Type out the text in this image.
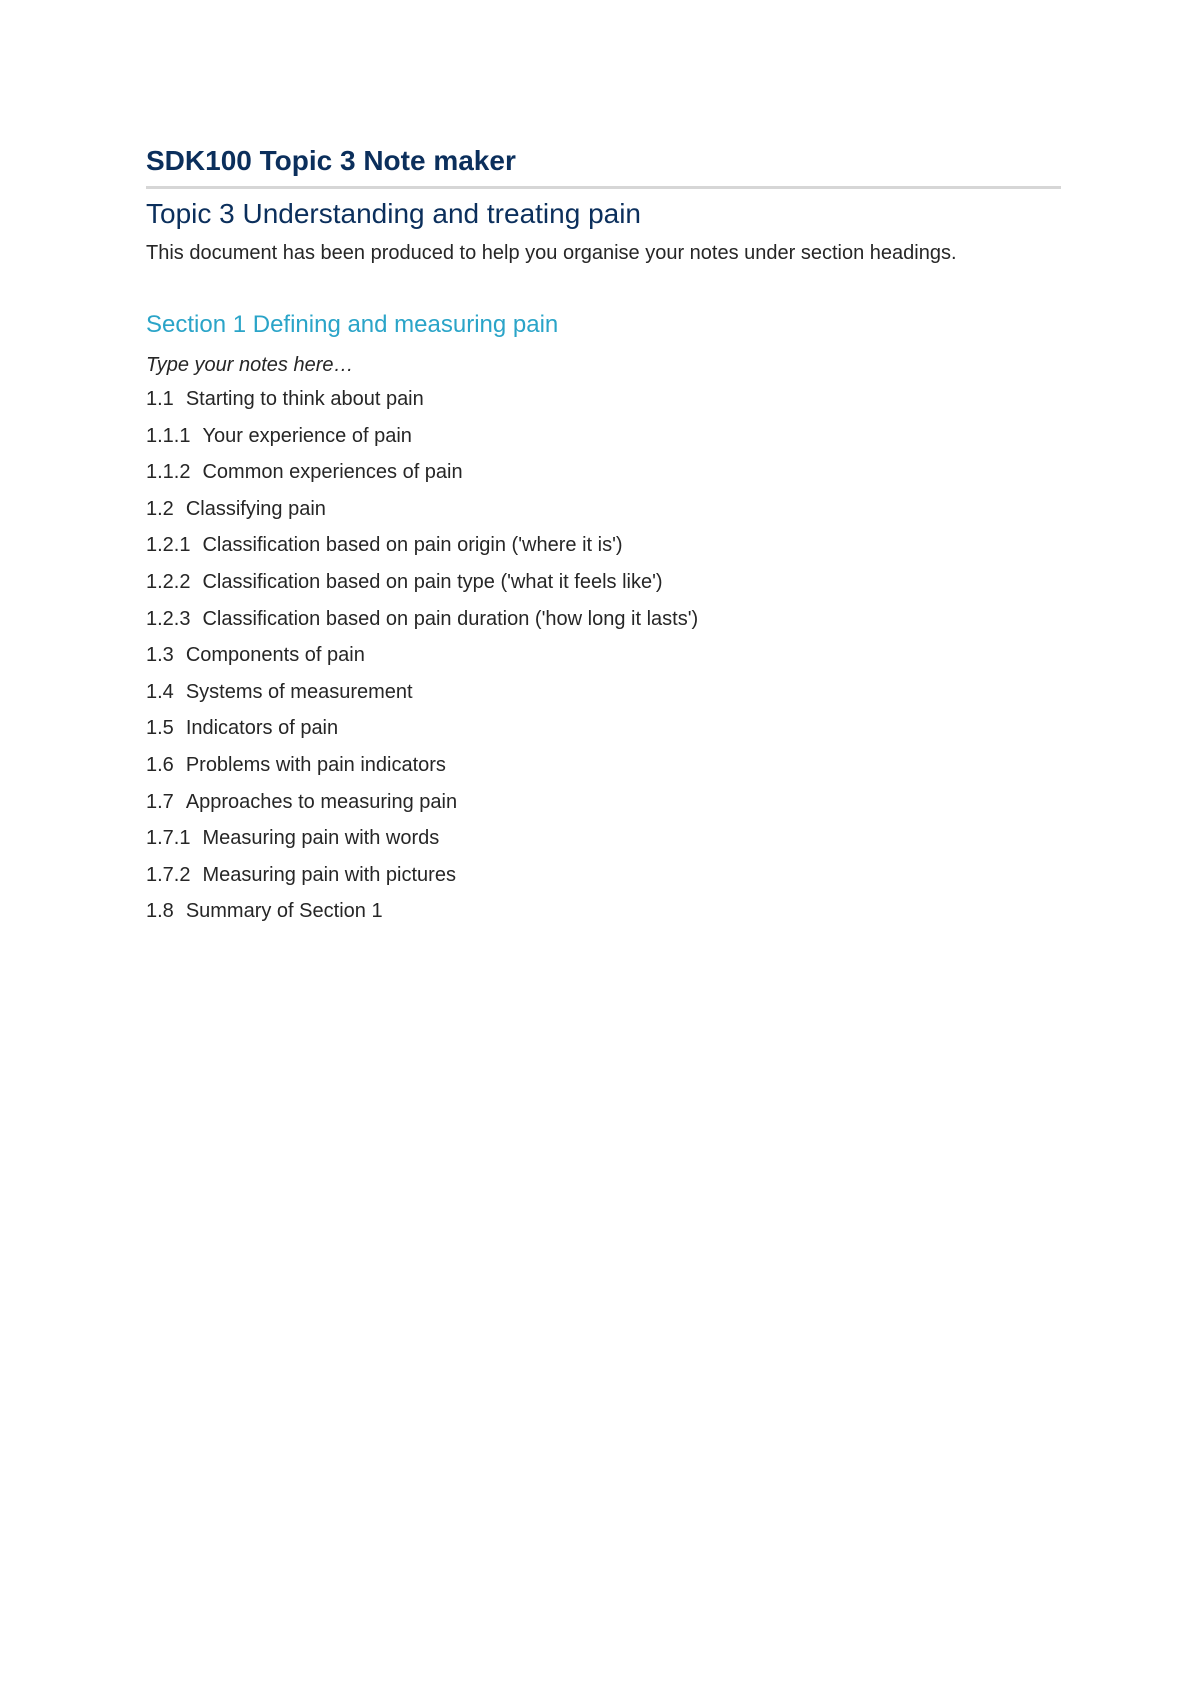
SDK100 Topic 3 Note maker
Topic 3 Understanding and treating pain

This document has been produced to help you organise your notes under section headings.

Section 1 Defining and measuring pain

Type your notes here…

1.1 Starting to think about pain
1.1.1 Your experience of pain
1.1.2 Common experiences of pain
1.2 Classifying pain
1.2.1 Classification based on pain origin ('where it is')
1.2.2 Classification based on pain type ('what it feels like')
1.2.3 Classification based on pain duration ('how long it lasts')
1.3 Components of pain
1.4 Systems of measurement
1.5 Indicators of pain
1.6 Problems with pain indicators
1.7 Approaches to measuring pain
1.7.1 Measuring pain with words
1.7.2 Measuring pain with pictures
1.8 Summary of Section 1
